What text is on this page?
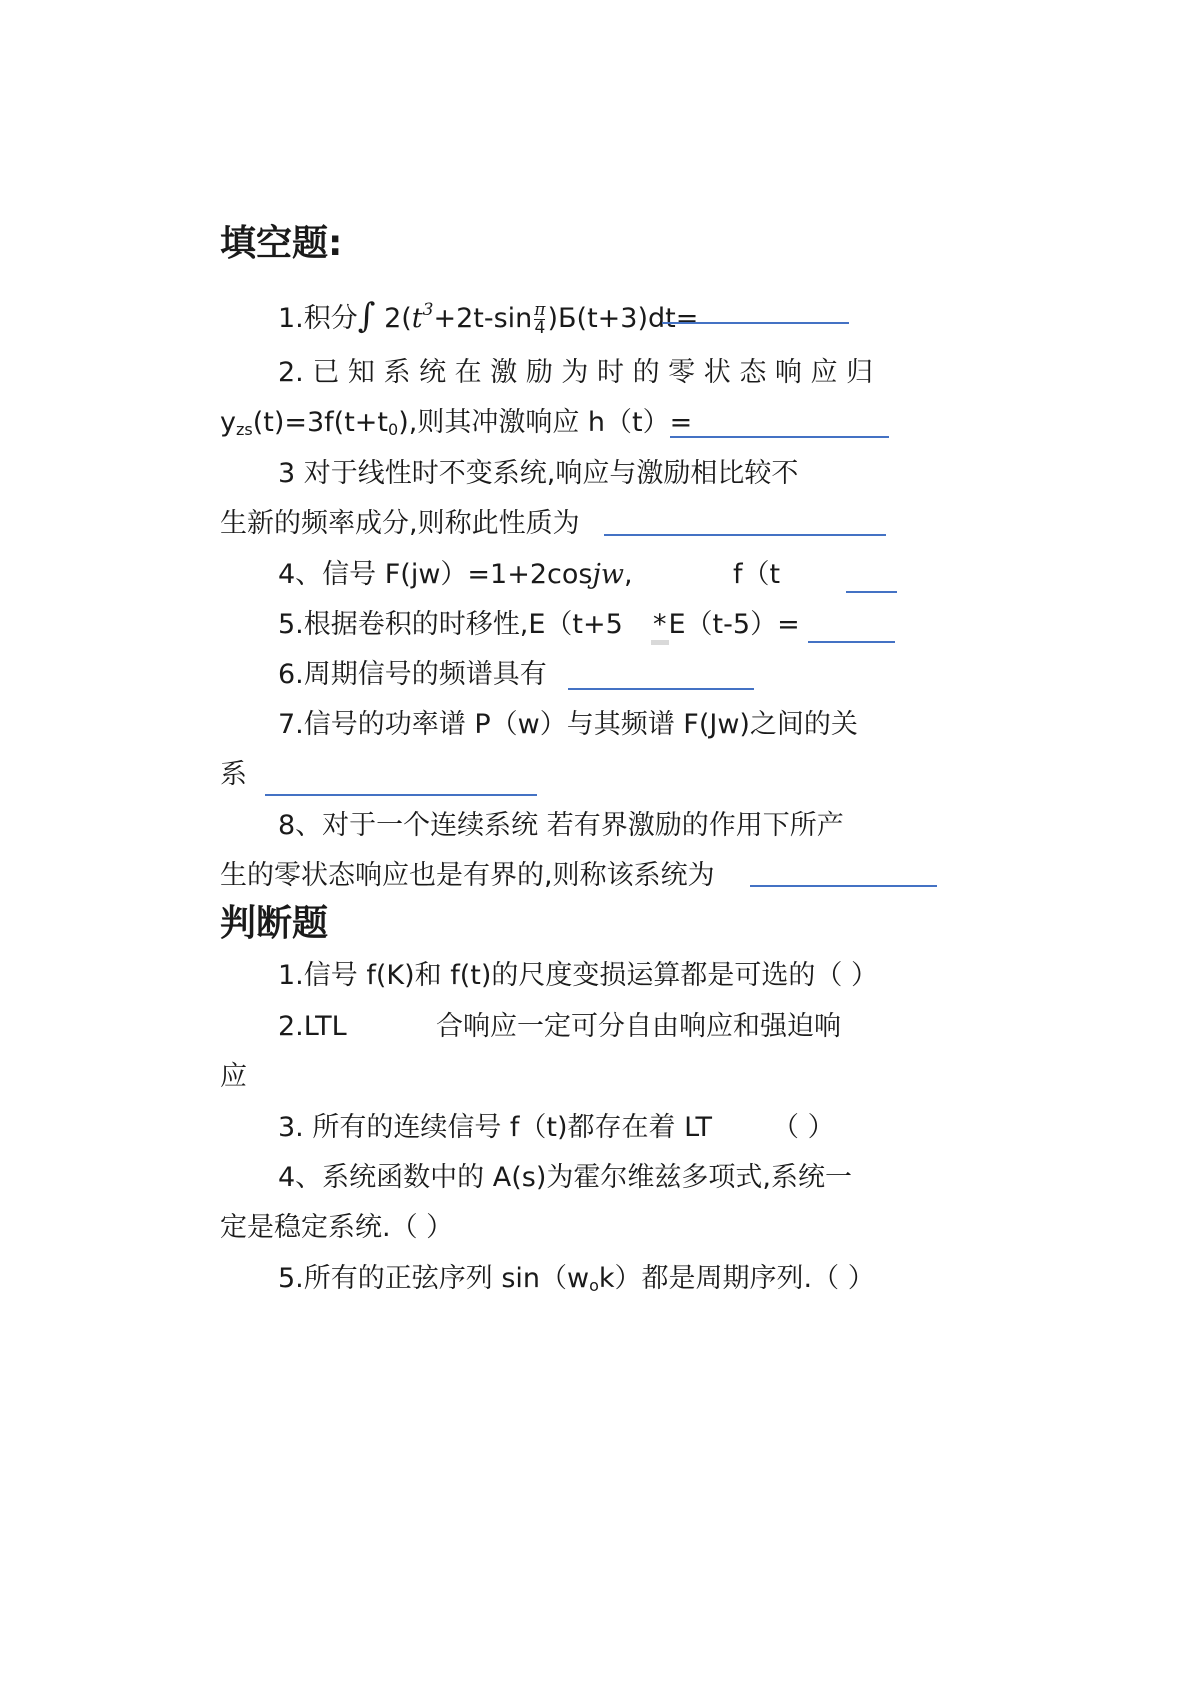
填空题:
1.积分∫ $2(t^3+2t-\sin \frac{\pi}{4}$ )Ƃ(t+3)dt=
2. 已 知 系 统 在 激 励 为 时 的 零 状 态 响 应 归
$y_{zs}(t)=3f(t+t_0)$,则其冲激响应 h（t）=
3 对于线性时不变系统,响应与激励相比较不
生新的频率成分,则称此性质为
4、信号 F(jw）=1+2cosjw,	f（t
5.根据卷积的时移性,E（t+5 *E（t-5）=
6.周期信号的频谱具有
7.信号的功率谱 P（w）与其频谱 F(Jw)之间的关
系
8、对于一个连续系统 若有界激励的作用下所产
生的零状态响应也是有界的,则称该系统为
判断题
1.信号 f(K)和 f(t)的尺度变损运算都是可选的（ ）
2.LTL	合响应一定可分自由响应和强迫响
应
3. 所有的连续信号 f（t)都存在着 LT （ ）
4、系统函数中的 A(s)为霍尔维兹多项式,系统一
定是稳定系统.（ ）
5.所有的正弦序列 $\sin(w_ok)$都是周期序列.（ ）
